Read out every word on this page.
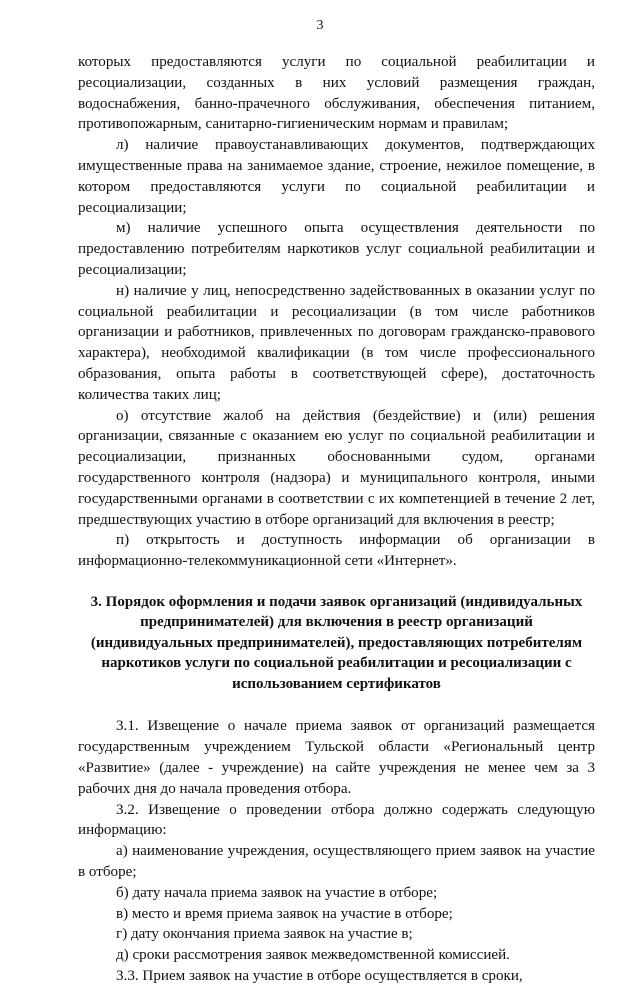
3

которых предоставляются услуги по социальной реабилитации и ресоциализации, созданных в них условий размещения граждан, водоснабжения, банно-прачечного обслуживания, обеспечения питанием, противопожарным, санитарно-гигиеническим нормам и правилам;

л) наличие правоустанавливающих документов, подтверждающих имущественные права на занимаемое здание, строение, нежилое помещение, в котором предоставляются услуги по социальной реабилитации и ресоциализации;

м) наличие успешного опыта осуществления деятельности по предоставлению потребителям наркотиков услуг социальной реабилитации и ресоциализации;

н) наличие у лиц, непосредственно задействованных в оказании услуг по социальной реабилитации и ресоциализации (в том числе работников организации и работников, привлеченных по договорам гражданско-правового характера), необходимой квалификации (в том числе профессионального образования, опыта работы в соответствующей сфере), достаточность количества таких лиц;

о) отсутствие жалоб на действия (бездействие) и (или) решения организации, связанные с оказанием ею услуг по социальной реабилитации и ресоциализации, признанных обоснованными судом, органами государственного контроля (надзора) и муниципального контроля, иными государственными органами в соответствии с их компетенцией в течение 2 лет, предшествующих участию в отборе организаций для включения в реестр;

п) открытость и доступность информации об организации в информационно-телекоммуникационной сети «Интернет».

3. Порядок оформления и подачи заявок организаций (индивидуальных предпринимателей) для включения в реестр организаций (индивидуальных предпринимателей), предоставляющих потребителям наркотиков услуги по социальной реабилитации и ресоциализации с использованием сертификатов

3.1. Извещение о начале приема заявок от организаций размещается государственным учреждением Тульской области «Региональный центр «Развитие» (далее - учреждение) на сайте учреждения не менее чем за 3 рабочих дня до начала проведения отбора.

3.2. Извещение о проведении отбора должно содержать следующую информацию:

а) наименование учреждения, осуществляющего прием заявок на участие в отборе;

б) дату начала приема заявок на участие в отборе;

в) место и время приема заявок на участие в отборе;

г) дату окончания приема заявок на участие в;

д) сроки рассмотрения заявок межведомственной комиссией.

3.3. Прием заявок на участие в отборе осуществляется в сроки,
